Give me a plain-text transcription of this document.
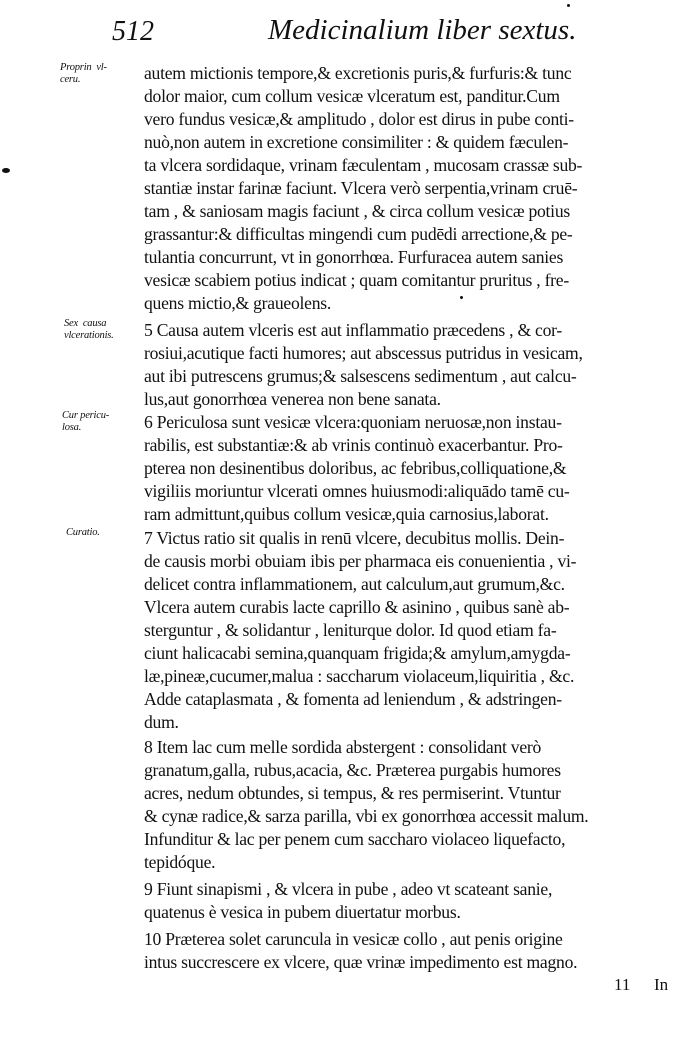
512	Medicinalium liber sextus.
Proprin  vl-
ceru.
Sex  causa
vlcerationis.
Cur pericu-
losa.
Curatio.
autem mictionis tempore,& excretionis puris,& furfuris:& tunc
dolor maior, cum collum vesicæ vlceratum est, panditur.Cum
vero fundus vesicæ,& amplitudo , dolor est dirus in pube conti-
nuò,non autem in excretione consimiliter : & quidem fæculen-
ta vlcera sordidaque, vrinam fæculentam , mucosam crassæ sub-
stantiæ instar farinæ faciunt. Vlcera verò serpentia,vrinam cruē-
tam , & saniosam magis faciunt , & circa collum vesicæ potius
grassantur:& difficultas mingendi cum pudēdi arrectione,& pe-
tulantia concurrunt, vt in gonorrhœa. Furfuracea autem sanies
vesicæ scabiem potius indicat ; quam comitantur pruritus , fre-
quens mictio,& graueolens.
5 Causa autem vlceris est aut inflammatio præcedens , & cor-
rosiui,acutique facti humores; aut abscessus putridus in vesicam,
aut ibi putrescens grumus;& salsescens sedimentum , aut calcu-
lus,aut gonorrhœa venerea non bene sanata.
6 Periculosa sunt vesicæ vlcera:quoniam neruosæ,non instau-
rabilis, est substantiæ:& ab vrinis continuò exacerbantur. Pro-
pterea non desinentibus doloribus, ac febribus,colliquatione,&
vigiliis moriuntur vlcerati omnes huiusmodi:aliquādo tamē cu-
ram admittunt,quibus collum vesicæ,quia carnosius,laborat.
7 Victus ratio sit qualis in renū vlcere, decubitus mollis. Dein-
de causis morbi obuiam ibis per pharmaca eis conuenientia , vi-
delicet contra inflammationem, aut calculum,aut grumum,&c.
Vlcera autem curabis lacte caprillo & asinino , quibus sanè ab-
sterguntur , & solidantur , leniturque dolor. Id quod etiam fa-
ciunt halicacabi semina,quanquam frigida;& amylum,amygda-
læ,pineæ,cucumer,malua : saccharum violaceum,liquiritia , &c.
Adde cataplasmata , & fomenta ad leniendum , & adstringen-
dum.
8 Item lac cum melle sordida abstergent : consolidant verò
granatum,galla, rubus,acacia, &c. Præterea purgabis humores
acres, nedum obtundes, si tempus, & res permiserint. Vtuntur
& cynæ radice,& sarza parilla, vbi ex gonorrhœa accessit malum.
Infunditur & lac per penem cum saccharo violaceo liquefacto,
tepidóque.
9 Fiunt sinapismi , & vlcera in pube , adeo vt scateant sanie,
quatenus è vesica in pubem diuertatur morbus.
10 Præterea solet caruncula in vesicæ collo , aut penis origine
intus succrescere ex vlcere, quæ vrinæ impedimento est magno.
11 In
